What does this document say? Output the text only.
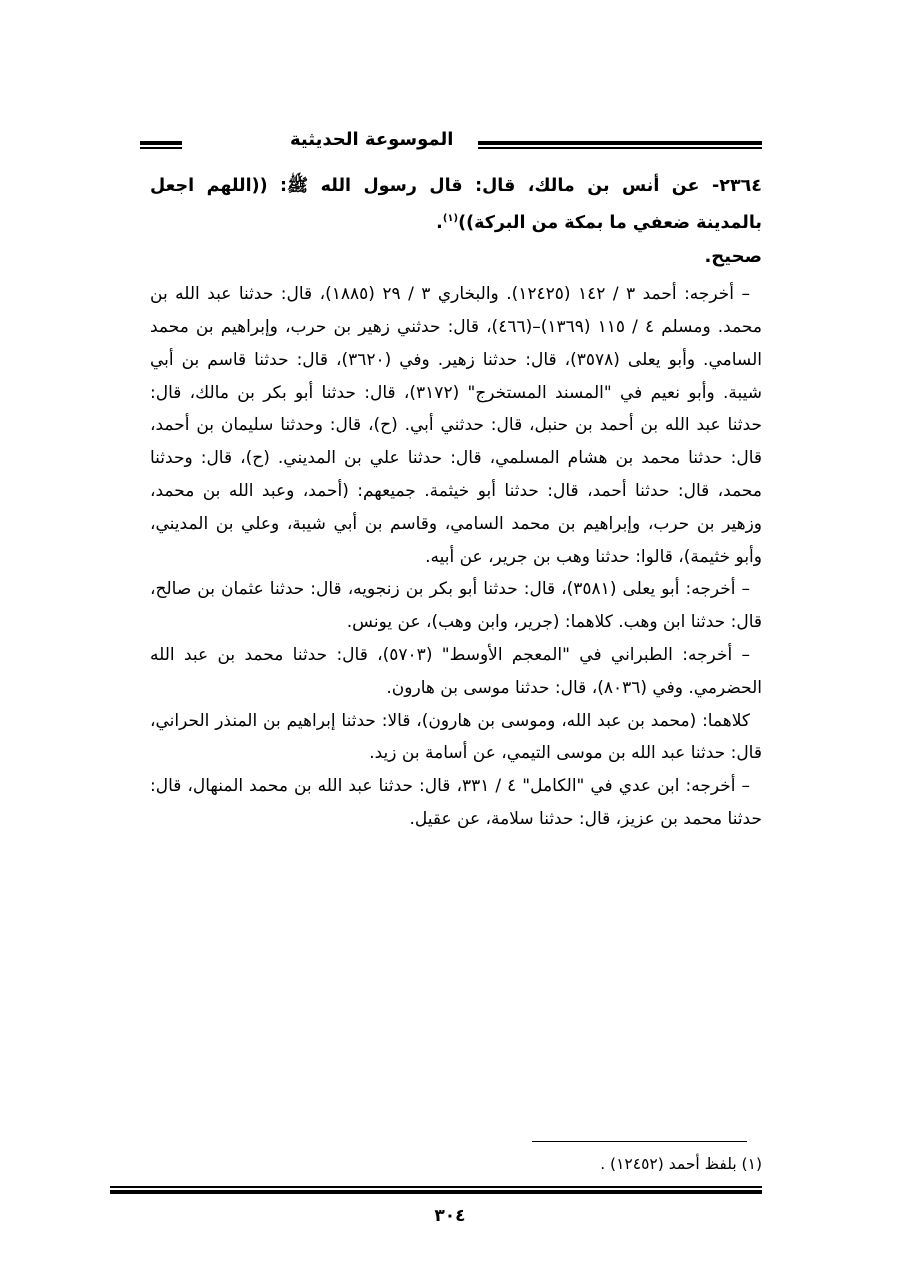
الموسوعة الحديثية

٢٣٦٤- عن أنس بن مالك، قال: قال رسول الله ﷺ: ((اللهم اجعل بالمدينة ضعفي ما بمكة من البركة))$^{(١)}$.

صحيح.

– أخرجه: أحمد ٣ / ١٤٢ (١٢٤٢٥). والبخاري ٣ / ٢٩ (١٨٨٥)، قال: حدثنا عبد الله بن محمد. ومسلم ٤ / ١١٥ (١٣٦٩)–(٤٦٦)، قال: حدثني زهير بن حرب، وإبراهيم بن محمد السامي. وأبو يعلى (٣٥٧٨)، قال: حدثنا زهير. وفي (٣٦٢٠)، قال: حدثنا قاسم بن أبي شيبة. وأبو نعيم في "المسند المستخرج" (٣١٧٢)، قال: حدثنا أبو بكر بن مالك، قال: حدثنا عبد الله بن أحمد بن حنبل، قال: حدثني أبي. (ح)، قال: وحدثنا سليمان بن أحمد، قال: حدثنا محمد بن هشام المسلمي، قال: حدثنا علي بن المديني. (ح)، قال: وحدثنا محمد، قال: حدثنا أحمد، قال: حدثنا أبو خيثمة. جميعهم: (أحمد، وعبد الله بن محمد، وزهير بن حرب، وإبراهيم بن محمد السامي، وقاسم بن أبي شيبة، وعلي بن المديني، وأبو خثيمة)، قالوا: حدثنا وهب بن جرير، عن أبيه.

– أخرجه: أبو يعلى (٣٥٨١)، قال: حدثنا أبو بكر بن زنجويه، قال: حدثنا عثمان بن صالح، قال: حدثنا ابن وهب. كلاهما: (جرير، وابن وهب)، عن يونس.

– أخرجه: الطبراني في "المعجم الأوسط" (٥٧٠٣)، قال: حدثنا محمد بن عبد الله الحضرمي. وفي (٨٠٣٦)، قال: حدثنا موسى بن هارون.

كلاهما: (محمد بن عبد الله، وموسى بن هارون)، قالا: حدثنا إبراهيم بن المنذر الحراني، قال: حدثنا عبد الله بن موسى التيمي، عن أسامة بن زيد.

– أخرجه: ابن عدي في "الكامل" ٤ / ٣٣١، قال: حدثنا عبد الله بن محمد المنهال، قال: حدثنا محمد بن عزيز، قال: حدثنا سلامة، عن عقيل.

(١) بلفظ أحمد (١٢٤٥٢) .
٣٠٤
